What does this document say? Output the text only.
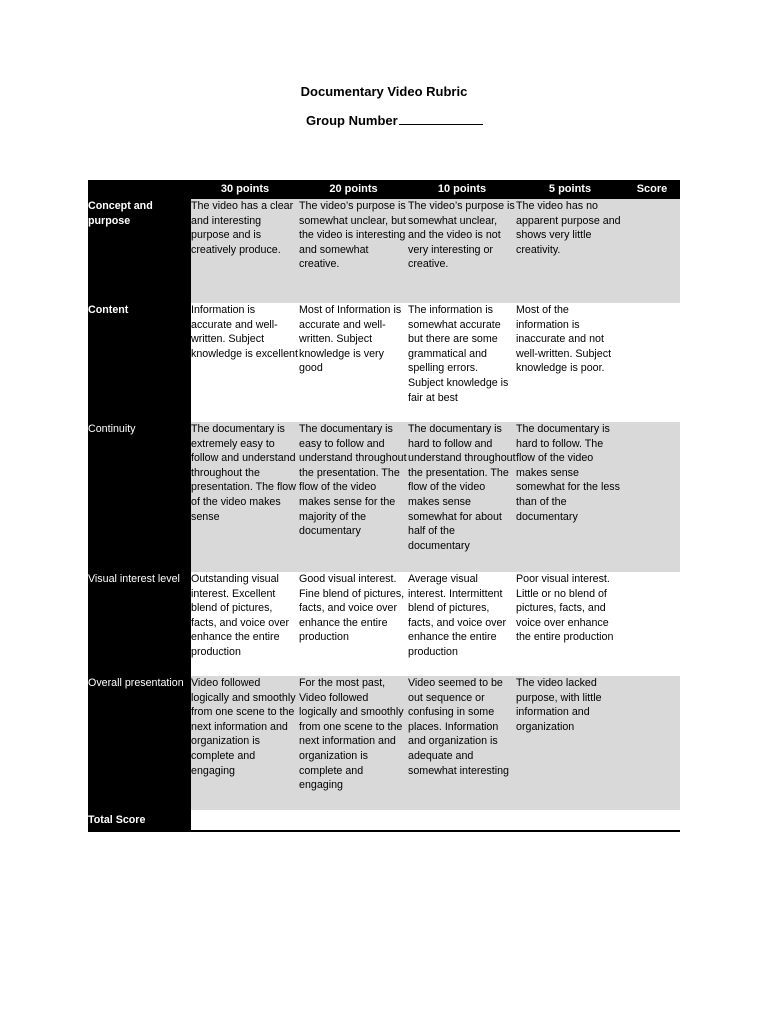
Documentary Video Rubric
Group Number
	30 points	20 points	10 points	5 points	Score
Concept and purpose	The video has a clear and interesting purpose and is creatively produce.	The video’s purpose is somewhat unclear, but the video is interesting and somewhat creative.	The video’s purpose is somewhat unclear, and the video is not very interesting or creative.	The video has no apparent purpose and shows very little creativity.	
Content	Information is accurate and well-written. Subject knowledge is excellent	Most of Information is accurate and well-written. Subject knowledge is very good	The information is somewhat accurate but there are some grammatical and spelling errors. Subject knowledge is fair at best	Most of the information is inaccurate and not well-written. Subject knowledge is poor.	
Continuity	The documentary is extremely easy to follow and understand throughout the presentation. The flow of the video makes sense	The documentary is easy to follow and understand throughout the presentation. The flow of the video makes sense for the majority of the documentary	The documentary is hard to follow and understand throughout the presentation. The flow of the video makes sense somewhat for about half of the documentary	The documentary is hard to follow. The flow of the video makes sense somewhat for the less than of the documentary	
Visual interest level	Outstanding visual interest. Excellent blend of pictures, facts, and voice over enhance the entire production	Good visual interest. Fine blend of pictures, facts, and voice over enhance the entire production	Average visual interest. Intermittent blend of pictures, facts, and voice over enhance the entire production	Poor visual interest. Little or no blend of pictures, facts, and voice over enhance the entire production	
Overall presentation	Video followed logically and smoothly from one scene to the next information and organization is complete and engaging	For the most past, Video followed logically and smoothly from one scene to the next information and organization is complete and engaging	Video seemed to be out sequence or confusing in some places. Information and organization is adequate and somewhat interesting	The video lacked purpose, with little information and organization	
Total Score					
